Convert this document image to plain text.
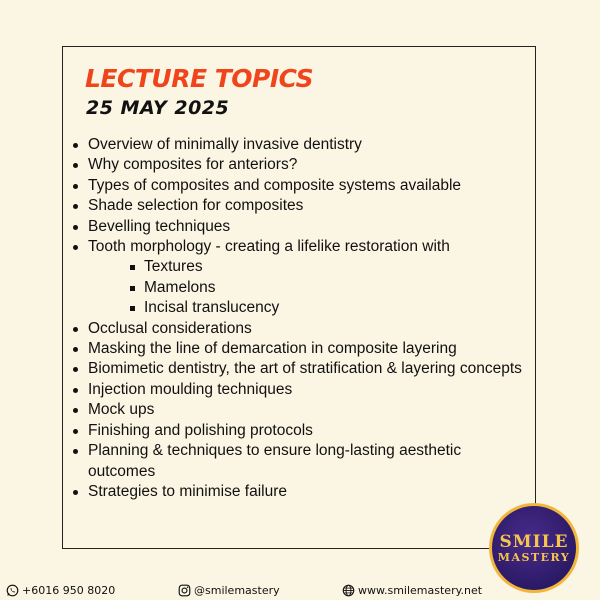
LECTURE TOPICS
25 MAY 2025
Overview of minimally invasive dentistry
Why composites for anteriors?
Types of composites and composite systems available
Shade selection for composites
Bevelling techniques
Tooth morphology - creating a lifelike restoration with
Textures
Mamelons
Incisal translucency
Occlusal considerations
Masking the line of demarcation in composite layering
Biomimetic dentistry, the art of stratification & layering concepts
Injection moulding techniques
Mock ups
Finishing and polishing protocols
Planning & techniques to ensure long-lasting aesthetic outcomes
Strategies to minimise failure
SMILE
MASTERY
+6016 950 8020	@smilemastery	www.smilemastery.net
